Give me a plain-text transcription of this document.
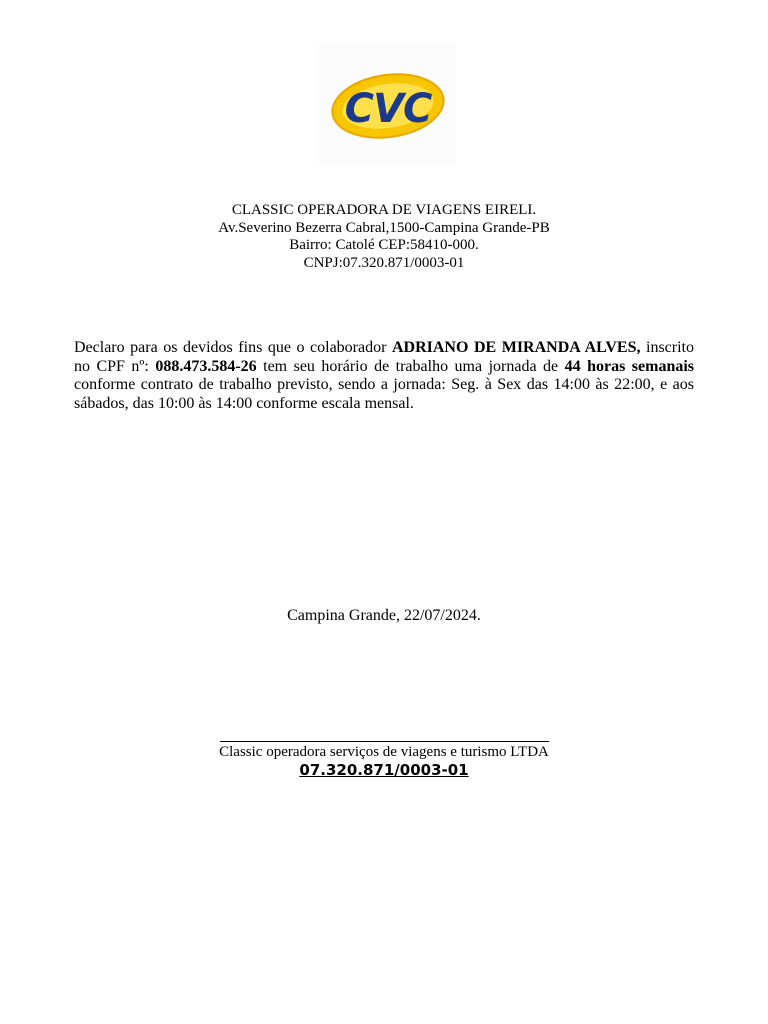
CVC
CLASSIC OPERADORA DE VIAGENS EIRELI.
Av.Severino Bezerra Cabral,1500-Campina Grande-PB
Bairro: Catolé CEP:58410-000.
CNPJ:07.320.871/0003-01
Declaro para os devidos fins que o colaborador ADRIANO DE MIRANDA ALVES, inscrito no CPF nº: 088.473.584-26 tem seu horário de trabalho uma jornada de 44 horas semanais conforme contrato de trabalho previsto, sendo a jornada: Seg. à Sex das 14:00 às 22:00, e aos sábados, das 10:00 às 14:00 conforme escala mensal.
Campina Grande, 22/07/2024.
Classic operadora serviços de viagens e turismo LTDA
07.320.871/0003-01
